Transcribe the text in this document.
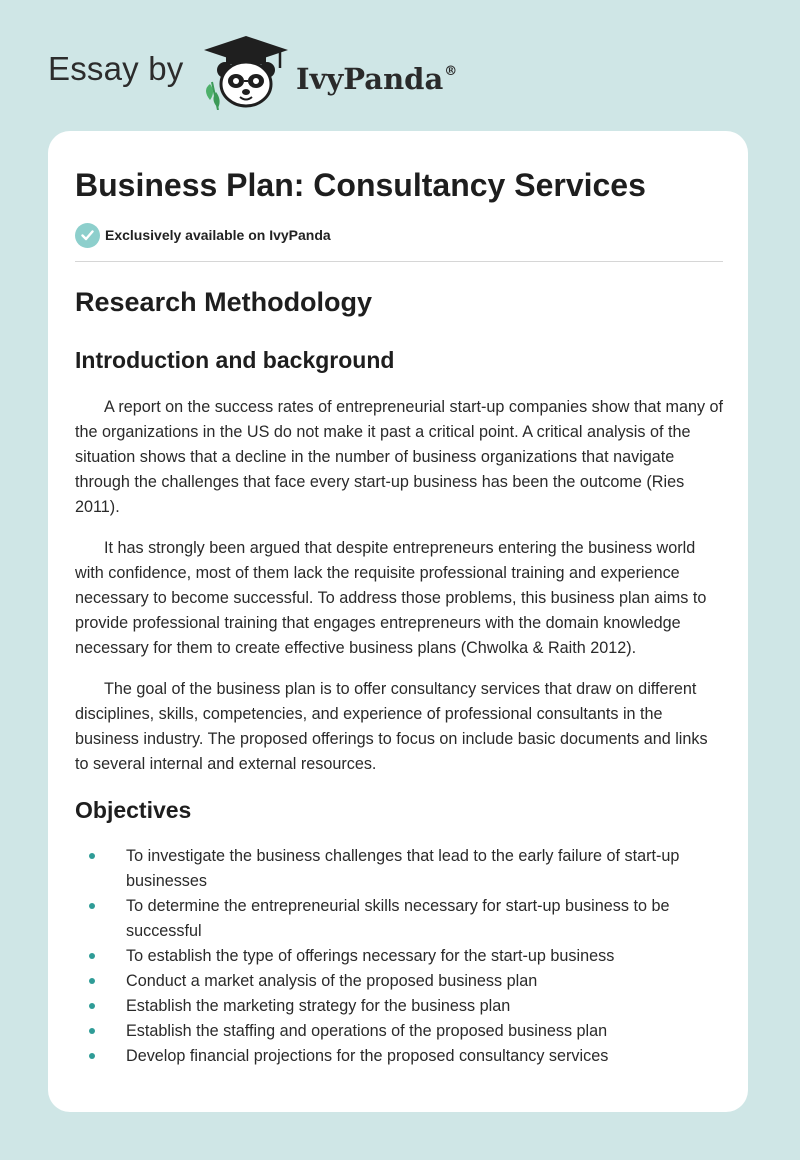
Essay by	IvyPanda®
Business Plan: Consultancy Services
Exclusively available on IvyPanda
Research Methodology
Introduction and background

A report on the success rates of entrepreneurial start-up companies show that many of the organizations in the US do not make it past a critical point. A critical analysis of the situation shows that a decline in the number of business organizations that navigate through the challenges that face every start-up business has been the outcome (Ries 2011).

It has strongly been argued that despite entrepreneurs entering the business world with confidence, most of them lack the requisite professional training and experience necessary to become successful. To address those problems, this business plan aims to provide professional training that engages entrepreneurs with the domain knowledge necessary for them to create effective business plans (Chwolka & Raith 2012).

The goal of the business plan is to offer consultancy services that draw on different disciplines, skills, competencies, and experience of professional consultants in the business industry. The proposed offerings to focus on include basic documents and links to several internal and external resources.

Objectives
To investigate the business challenges that lead to the early failure of start-up businesses
To determine the entrepreneurial skills necessary for start-up business to be successful
To establish the type of offerings necessary for the start-up business
Conduct a market analysis of the proposed business plan
Establish the marketing strategy for the business plan
Establish the staffing and operations of the proposed business plan
Develop financial projections for the proposed consultancy services
